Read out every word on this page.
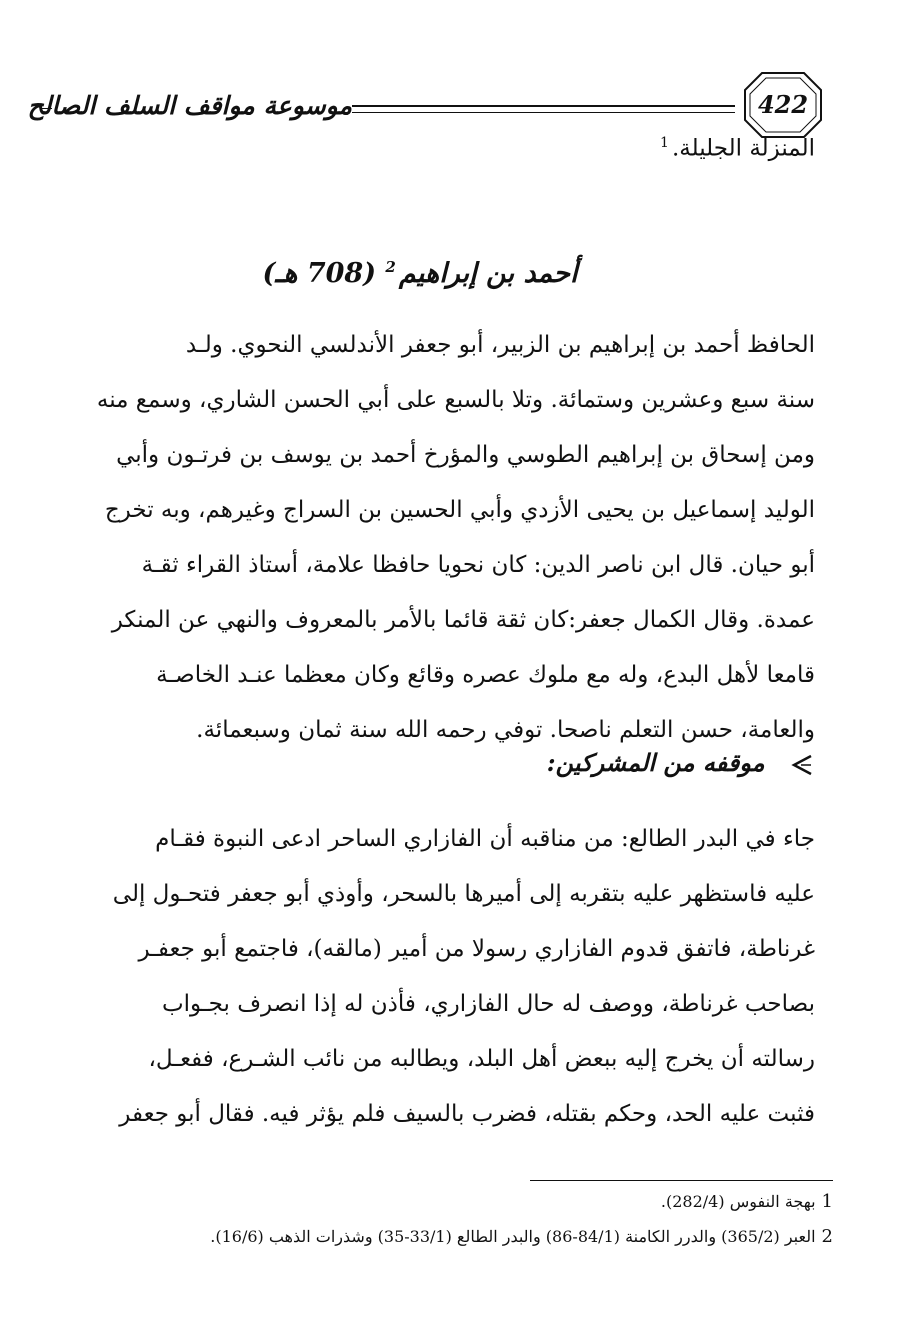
موسوعة مواقف السلف الصالح	422
المنزلة الجليلة.$^1$
أحمد بن إبراهيم$^2$ (708 هـ)

الحافظ أحمد بن إبراهيم بن الزبير، أبو جعفر الأندلسي النحوي. ولـد

سنة سبع وعشرين وستمائة. وتلا بالسبع على أبي الحسن الشاري، وسمع منه

ومن إسحاق بن إبراهيم الطوسي والمؤرخ أحمد بن يوسف بن فرتـون وأبي

الوليد إسماعيل بن يحيى الأزدي وأبي الحسين بن السراج وغيرهم، وبه تخرج

أبو حيان. قال ابن ناصر الدين: كان نحويا حافظا علامة، أستاذ القراء ثقـة

عمدة. وقال الكمال جعفر:كان ثقة قائما بالأمر بالمعروف والنهي عن المنكر

قامعا لأهل البدع، وله مع ملوك عصره وقائع وكان معظما عنـد الخاصـة

والعامة، حسن التعلم ناصحا. توفي رحمه الله سنة ثمان وسبعمائة.

موقفه من المشركين:

جاء في البدر الطالع: من مناقبه أن الفازاري الساحر ادعى النبوة فقـام

عليه فاستظهر عليه بتقربه إلى أميرها بالسحر، وأوذي أبو جعفر فتحـول إلى

غرناطة، فاتفق قدوم الفازاري رسولا من أمير (مالقه)، فاجتمع أبو جعفـر

بصاحب غرناطة، ووصف له حال الفازاري، فأذن له إذا انصرف بجـواب

رسالته أن يخرج إليه ببعض أهل البلد، ويطالبه من نائب الشـرع، ففعـل،

فثبت عليه الحد، وحكم بقتله، فضرب بالسيف فلم يؤثر فيه. فقال أبو جعفر

1بهجة النفوس (282/4).
2العبر (365/2) والدرر الكامنة (84/1-86) والبدر الطالع (33/1-35) وشذرات الذهب (16/6).
